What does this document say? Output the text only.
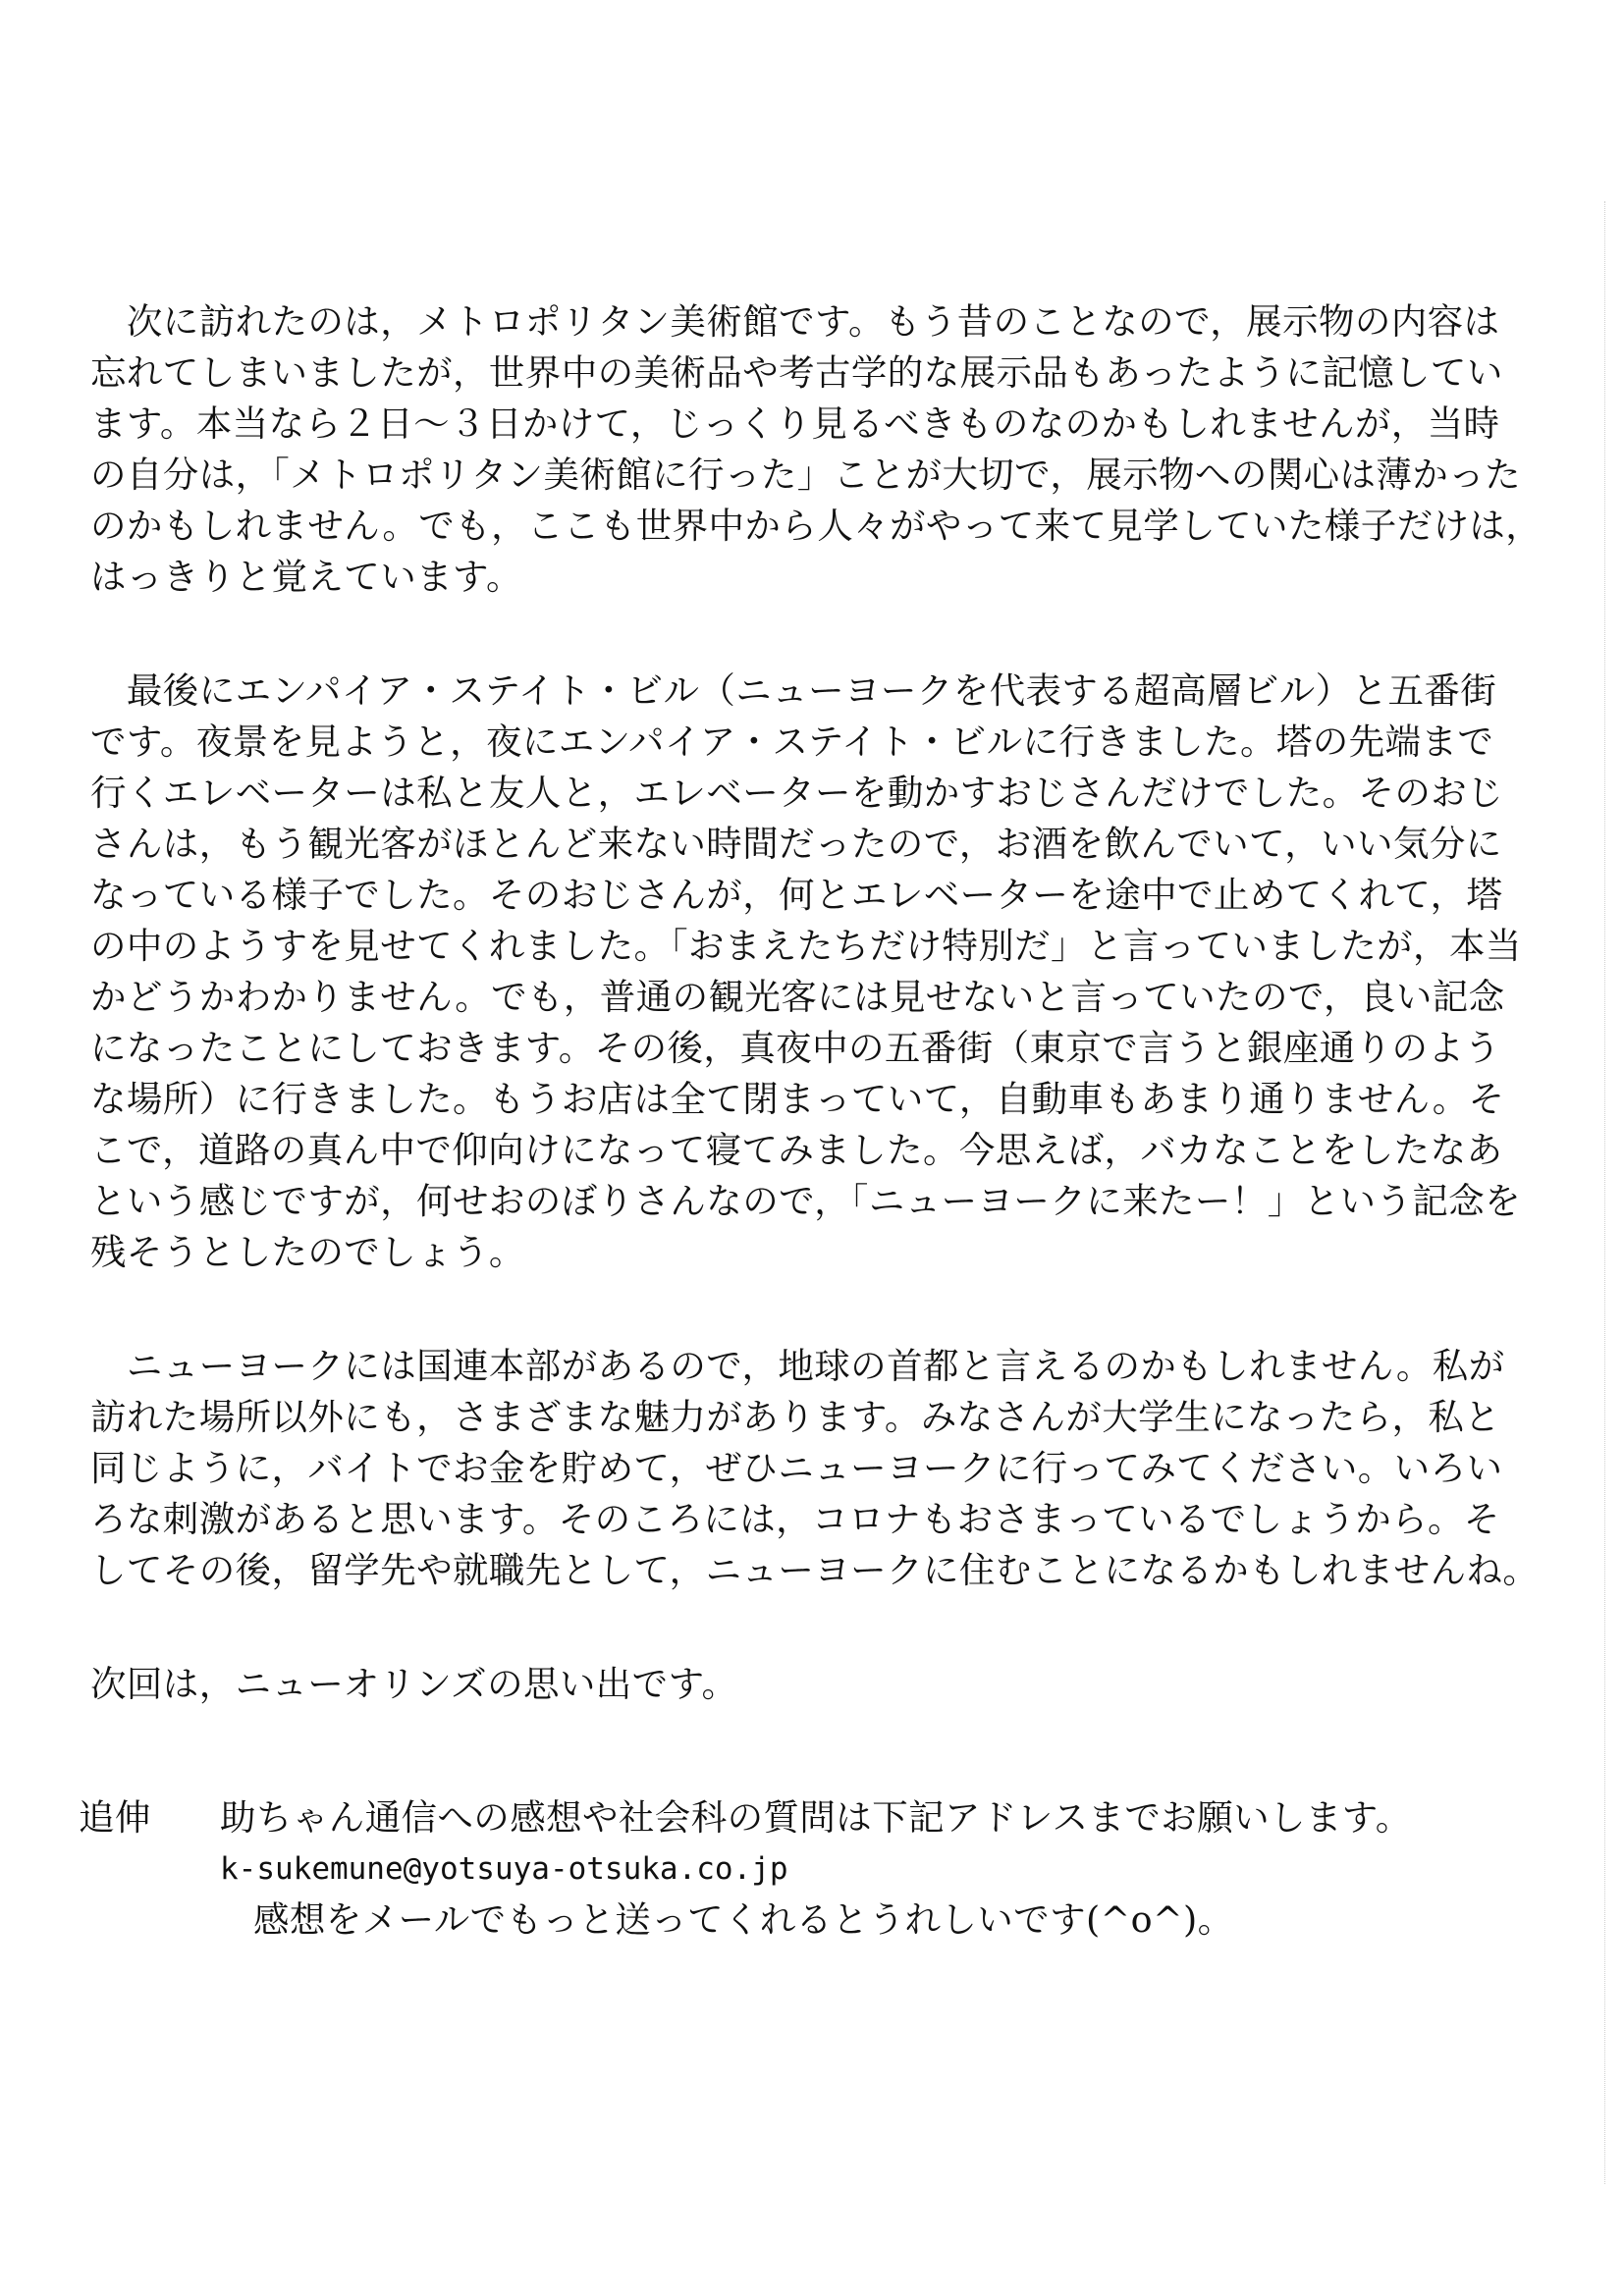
　次に訪れたのは，メトロポリタン美術館です。もう昔のことなので，展示物の内容は
忘れてしまいましたが，世界中の美術品や考古学的な展示品もあったように記憶してい
ます。本当なら２日〜３日かけて，じっくり見るべきものなのかもしれませんが，当時
の自分は，「メトロポリタン美術館に行った」ことが大切で，展示物への関心は薄かった
のかもしれません。でも，ここも世界中から人々がやって来て見学していた様子だけは，
はっきりと覚えています。
　最後にエンパイア・ステイト・ビル（ニューヨークを代表する超高層ビル）と五番街
です。夜景を見ようと，夜にエンパイア・ステイト・ビルに行きました。塔の先端まで
行くエレベーターは私と友人と，エレベーターを動かすおじさんだけでした。そのおじ
さんは，もう観光客がほとんど来ない時間だったので，お酒を飲んでいて，いい気分に
なっている様子でした。そのおじさんが，何とエレベーターを途中で止めてくれて，塔
の中のようすを見せてくれました。「おまえたちだけ特別だ」と言っていましたが，本当
かどうかわかりません。でも，普通の観光客には見せないと言っていたので，良い記念
になったことにしておきます。その後，真夜中の五番街（東京で言うと銀座通りのよう
な場所）に行きました。もうお店は全て閉まっていて，自動車もあまり通りません。そ
こで，道路の真ん中で仰向けになって寝てみました。今思えば，バカなことをしたなあ
という感じですが，何せおのぼりさんなので，「ニューヨークに来たー！」という記念を
残そうとしたのでしょう。
　ニューヨークには国連本部があるので，地球の首都と言えるのかもしれません。私が
訪れた場所以外にも，さまざまな魅力があります。みなさんが大学生になったら，私と
同じように，バイトでお金を貯めて，ぜひニューヨークに行ってみてください。いろい
ろな刺激があると思います。そのころには，コロナもおさまっているでしょうから。そ
してその後，留学先や就職先として，ニューヨークに住むことになるかもしれませんね。
次回は，ニューオリンズの思い出です。
追伸	助ちゃん通信への感想や社会科の質問は下記アドレスまでお願いします。
k-sukemune@yotsuya-otsuka.co.jp
感想をメールでもっと送ってくれるとうれしいです(^o^)。
